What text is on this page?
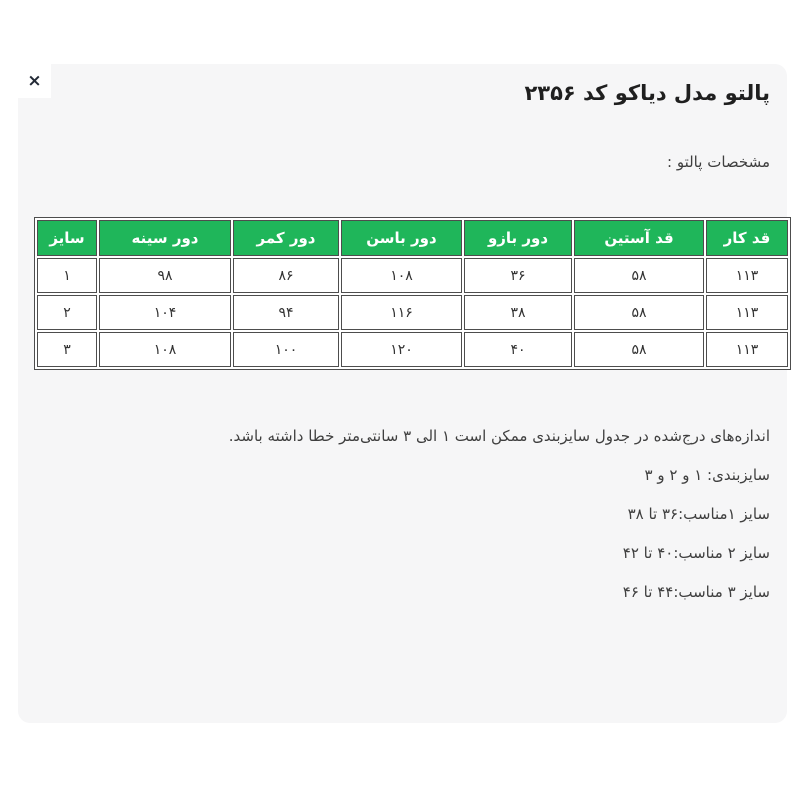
×	پالتو مدل دیاکو کد ۲۳۵۶
مشخصات پالتو :
قد کار	قد آستین	دور بازو	دور باسن	دور کمر	دور سینه	سایز
۱۱۳	۵۸	۳۶	۱۰۸	۸۶	۹۸	۱
۱۱۳	۵۸	۳۸	۱۱۶	۹۴	۱۰۴	۲
۱۱۳	۵۸	۴۰	۱۲۰	۱۰۰	۱۰۸	۳
اندازه‌های درج‌شده در جدول سایزبندی ممکن است ۱ الی ۳ سانتی‌متر خطا داشته باشد.
سایزبندی: ۱ و ۲ و ۳
سایز ۱مناسب:۳۶ تا ۳۸
سایز ۲ مناسب:۴۰ تا ۴۲
سایز ۳ مناسب:۴۴ تا ۴۶
